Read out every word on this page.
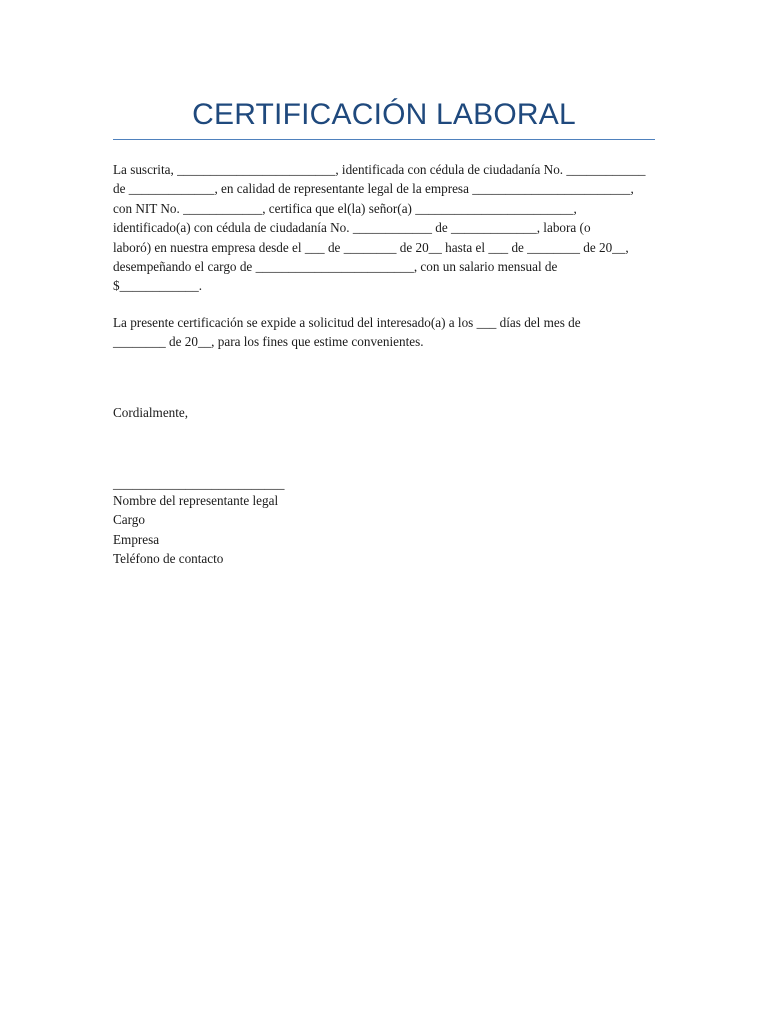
CERTIFICACIÓN LABORAL
La suscrita, ________________________, identificada con cédula de ciudadanía No. ____________
de _____________, en calidad de representante legal de la empresa ________________________,
con NIT No. ____________, certifica que el(la) señor(a) ________________________,
identificado(a) con cédula de ciudadanía No. ____________ de _____________, labora (o
laboró) en nuestra empresa desde el ___ de ________ de 20__ hasta el ___ de ________ de 20__,
desempeñando el cargo de ________________________, con un salario mensual de
$____________.
La presente certificación se expide a solicitud del interesado(a) a los ___ días del mes de
________ de 20__, para los fines que estime convenientes.
Cordialmente,
__________________________
Nombre del representante legal
Cargo
Empresa
Teléfono de contacto
